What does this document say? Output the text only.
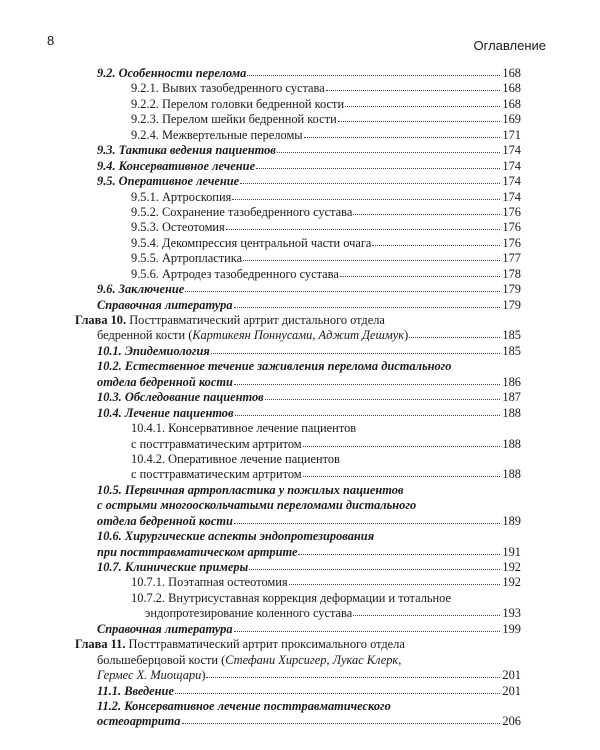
8	Оглавление
9.2. Особенности перелома	168
9.2.1. Вывих тазобедренного сустава	168
9.2.2. Перелом головки бедренной кости	168
9.2.3. Перелом шейки бедренной кости	169
9.2.4. Межвертельные переломы	171
9.3. Тактика ведения пациентов	174
9.4. Консервативное лечение	174
9.5. Оперативное лечение	174
9.5.1. Артроскопия	174
9.5.2. Сохранение тазобедренного сустава	176
9.5.3. Остеотомия	176
9.5.4. Декомпрессия центральной части очага	176
9.5.5. Артропластика	177
9.5.6. Артродез тазобедренного сустава	178
9.6. Заключение	179
Справочная литература	179
Глава 10. Посттравматический артрит дистального отдела
бедренной кости (Картикеян Поннусами, Аджит Дешмук)	185
10.1. Эпидемиология	185
10.2. Естественное течение заживления перелома дистального
отдела бедренной кости	186
10.3. Обследование пациентов	187
10.4. Лечение пациентов	188
10.4.1. Консервативное лечение пациентов
с посттравматическим артритом	188
10.4.2. Оперативное лечение пациентов
с посттравматическим артритом	188
10.5. Первичная артропластика у пожилых пациентов
с острыми многооскольчатыми переломами дистального
отдела бедренной кости	189
10.6. Хирургические аспекты эндопротезирования
при посттравматическом артрите	191
10.7. Клинические примеры	192
10.7.1. Поэтапная остеотомия	192
10.7.2. Внутрисуставная коррекция деформации и тотальное
эндопротезирование коленного сустава	193
Справочная литература	199
Глава 11. Посттравматический артрит проксимального отдела
большеберцовой кости (Стефани Хирсигер, Лукас Клерк,
Гермес Х. Миощари)	201
11.1. Введение	201
11.2. Консервативное лечение посттравматического
остеоартрита	206
